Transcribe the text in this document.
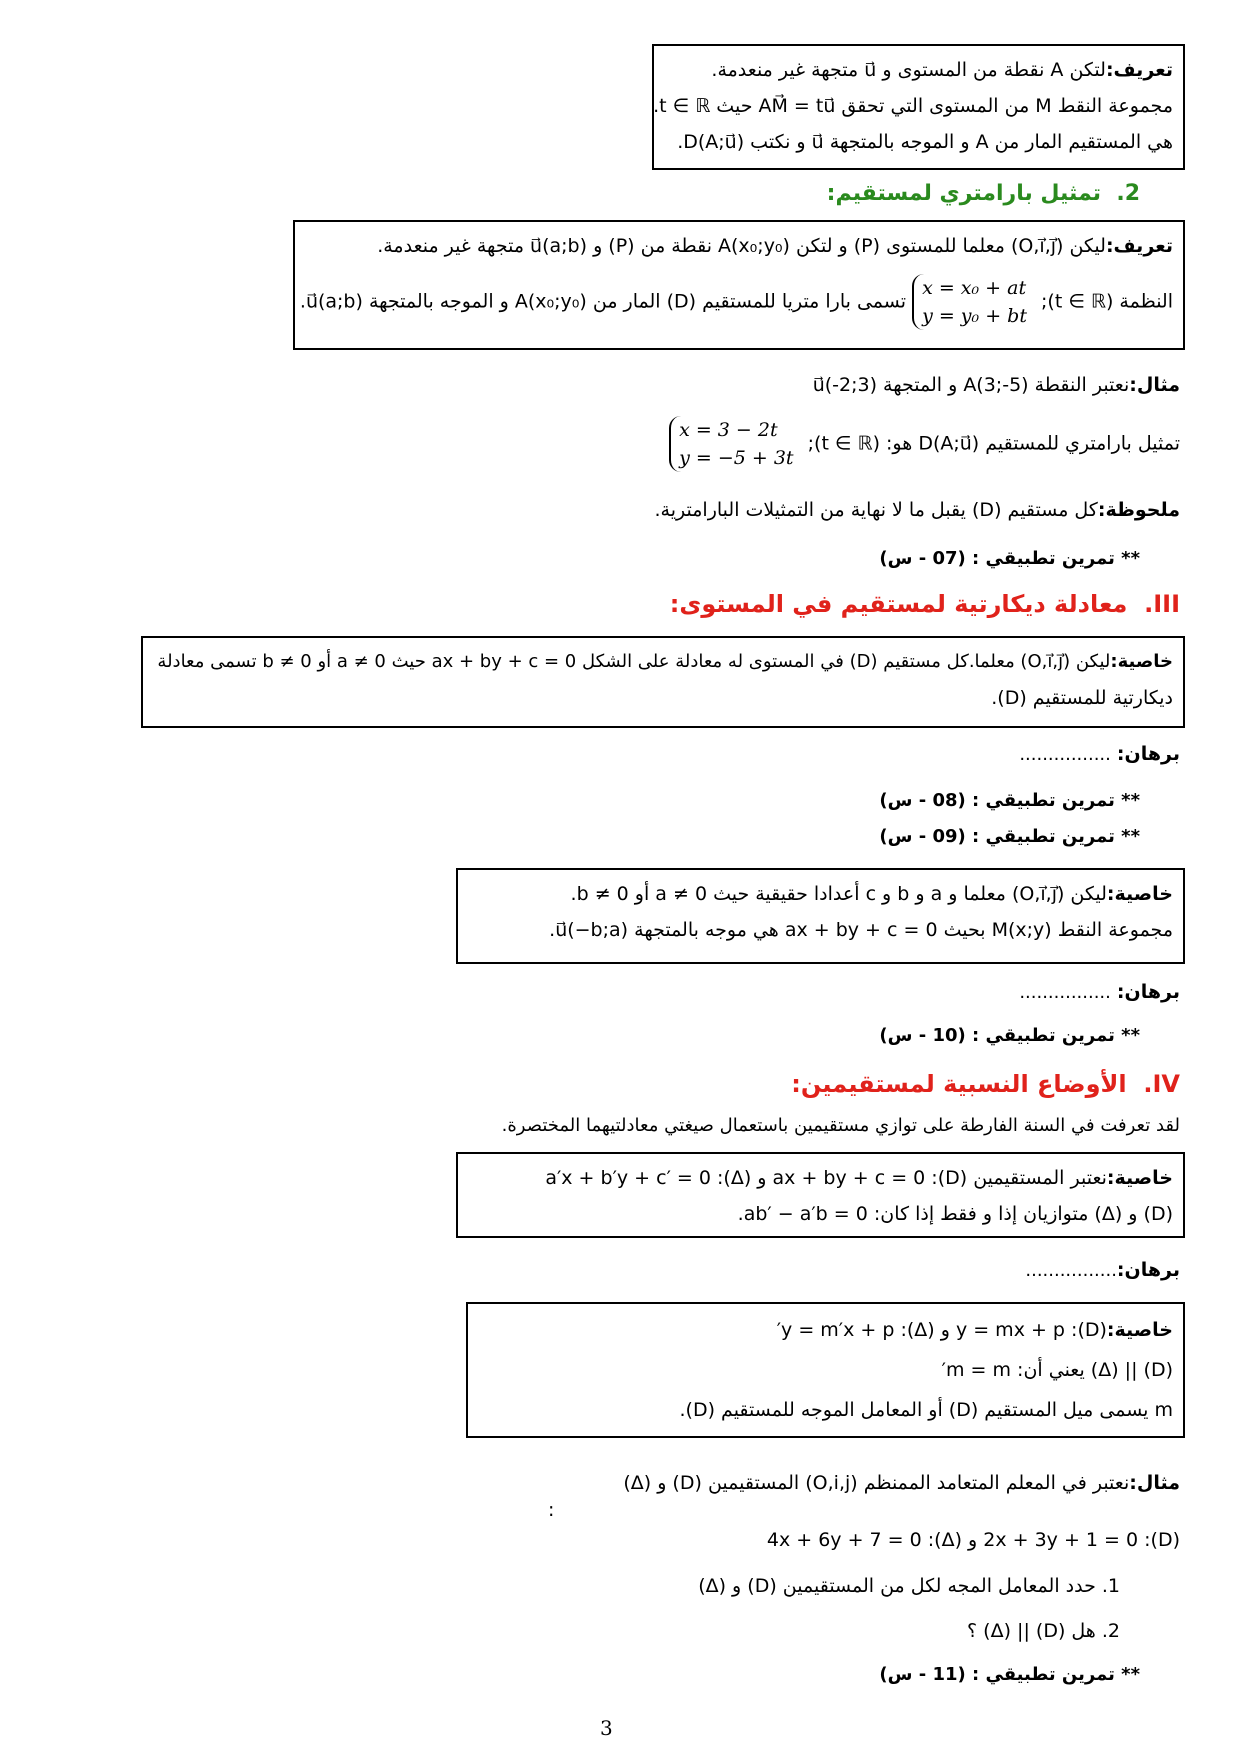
تعريف:لتكن A نقطة من المستوى و u⃗ متجهة غير منعدمة.
مجموعة النقط M من المستوى التي تحقق AM⃗ = tu⃗ حيث t ∈ ℝ.
هي المستقيم المار من A و الموجه بالمتجهة u⃗ و نكتب D(A;u⃗).
2.  تمثيل بارامتري لمستقيم:
تعريف:ليكن (O,i⃗,j⃗) معلما للمستوى (P) و لتكن A(x₀;y₀) نقطة من (P) و u⃗(a;b) متجهة غير منعدمة.
النظمة (t ∈ ℝ); x = x₀ + at
y = y₀ + bt تسمى بارا متريا للمستقيم (D) المار من A(x₀;y₀) و الموجه بالمتجهة u⃗(a;b).
مثال:نعتبر النقطة A(3;-5) و المتجهة u⃗(-2;3)
تمثيل بارامتري للمستقيم D(A;u⃗) هو: (t ∈ ℝ); x = 3 − 2t
y = −5 + 3t
ملحوظة:كل مستقيم (D) يقبل ما لا نهاية من التمثيلات البارامترية.
** تمرين تطبيقي : (07 - س)
III.  معادلة ديكارتية لمستقيم في المستوى:
خاصية:ليكن (O,i⃗,j⃗) معلما.كل مستقيم (D) في المستوى له معادلة على الشكل ax + by + c = 0 حيث a ≠ 0 أو b ≠ 0 تسمى معادلة
ديكارتية للمستقيم (D).
برهان: ................
** تمرين تطبيقي : (08 - س)
** تمرين تطبيقي : (09 - س)
خاصية:ليكن (O,i⃗,j⃗) معلما و a و b و c أعدادا حقيقية حيث a ≠ 0 أو b ≠ 0.
مجموعة النقط M(x;y) بحيث ax + by + c = 0 هي موجه بالمتجهة u⃗(−b;a).
برهان: ................
** تمرين تطبيقي : (10 - س)
IV.  الأوضاع النسبية لمستقيمين:
لقد تعرفت في السنة الفارطة على توازي مستقيمين باستعمال صيغتي معادلتيهما المختصرة.
خاصية:نعتبر المستقيمين (D): ax + by + c = 0 و (Δ): a′x + b′y + c′ = 0
(D) و (Δ) متوازيان إذا و فقط إذا كان: ab′ − a′b = 0.
برهان:................
خاصية:(D): y = mx + p و (Δ): y = m′x + p′
(D) || (Δ) يعني أن: m = m′
m يسمى ميل المستقيم (D) أو المعامل الموجه للمستقيم (D).
مثال:نعتبر في المعلم المتعامد الممنظم (O,i,j) المستقيمين (D) و (Δ)
:
(D): 2x + 3y + 1 = 0 و (Δ): 4x + 6y + 7 = 0
1. حدد المعامل المجه لكل من المستقيمين (D) و (Δ)
2. هل (D) || (Δ) ؟
** تمرين تطبيقي : (11 - س)
3
